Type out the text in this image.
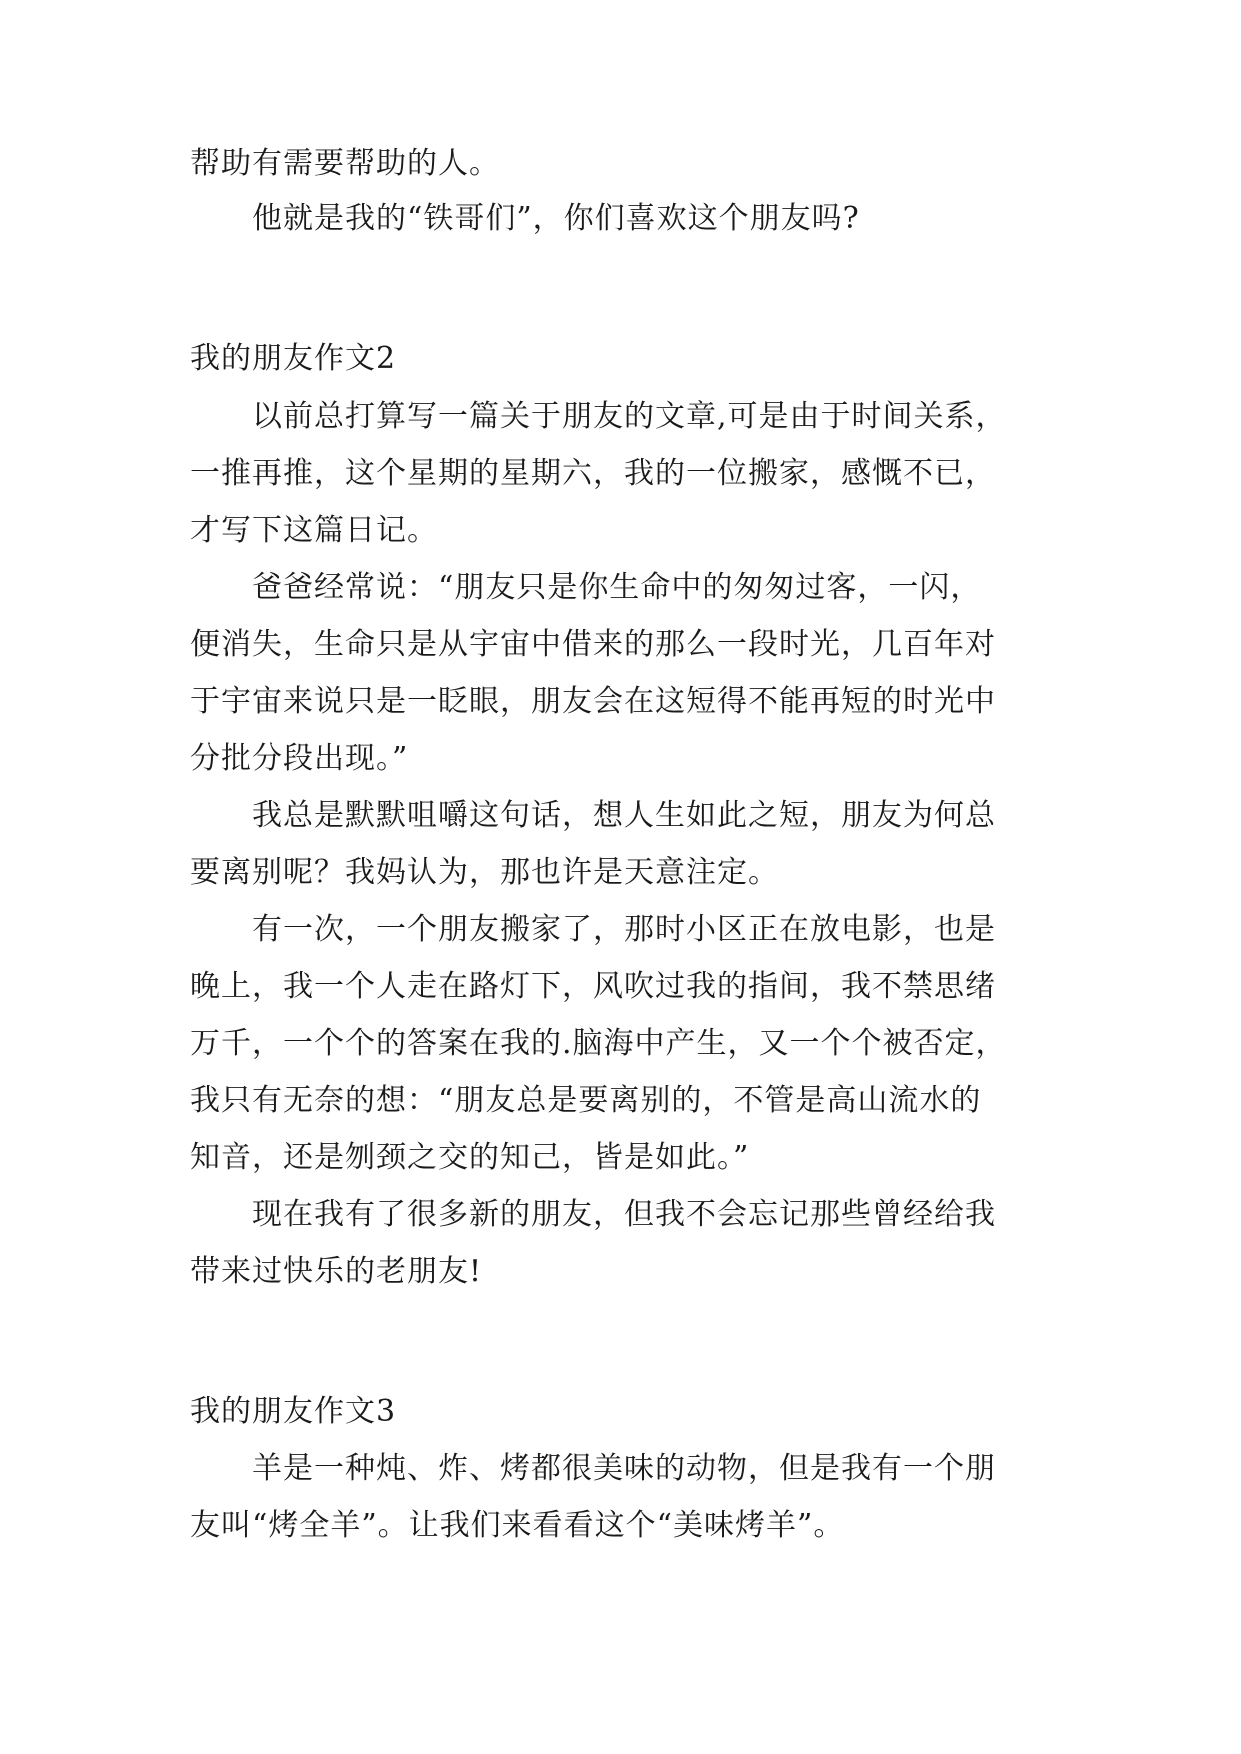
帮助有需要帮助的人。
他就是我的“铁哥们”，你们喜欢这个朋友吗?
我的朋友作文2
以前总打算写一篇关于朋友的文章,可是由于时间关系，
一推再推，这个星期的星期六，我的一位搬家，感慨不已，
才写下这篇日记。
爸爸经常说：“朋友只是你生命中的匆匆过客，一闪，
便消失，生命只是从宇宙中借来的那么一段时光，几百年对
于宇宙来说只是一眨眼，朋友会在这短得不能再短的时光中
分批分段出现。”
我总是默默咀嚼这句话，想人生如此之短，朋友为何总
要离别呢？我妈认为，那也许是天意注定。
有一次，一个朋友搬家了，那时小区正在放电影，也是
晚上，我一个人走在路灯下，风吹过我的指间，我不禁思绪
万千，一个个的答案在我的.脑海中产生，又一个个被否定，
我只有无奈的想：“朋友总是要离别的，不管是高山流水的
知音，还是刎颈之交的知己，皆是如此。”
现在我有了很多新的朋友，但我不会忘记那些曾经给我
带来过快乐的老朋友!
我的朋友作文3
羊是一种炖、炸、烤都很美味的动物，但是我有一个朋
友叫“烤全羊”。让我们来看看这个“美味烤羊”。
